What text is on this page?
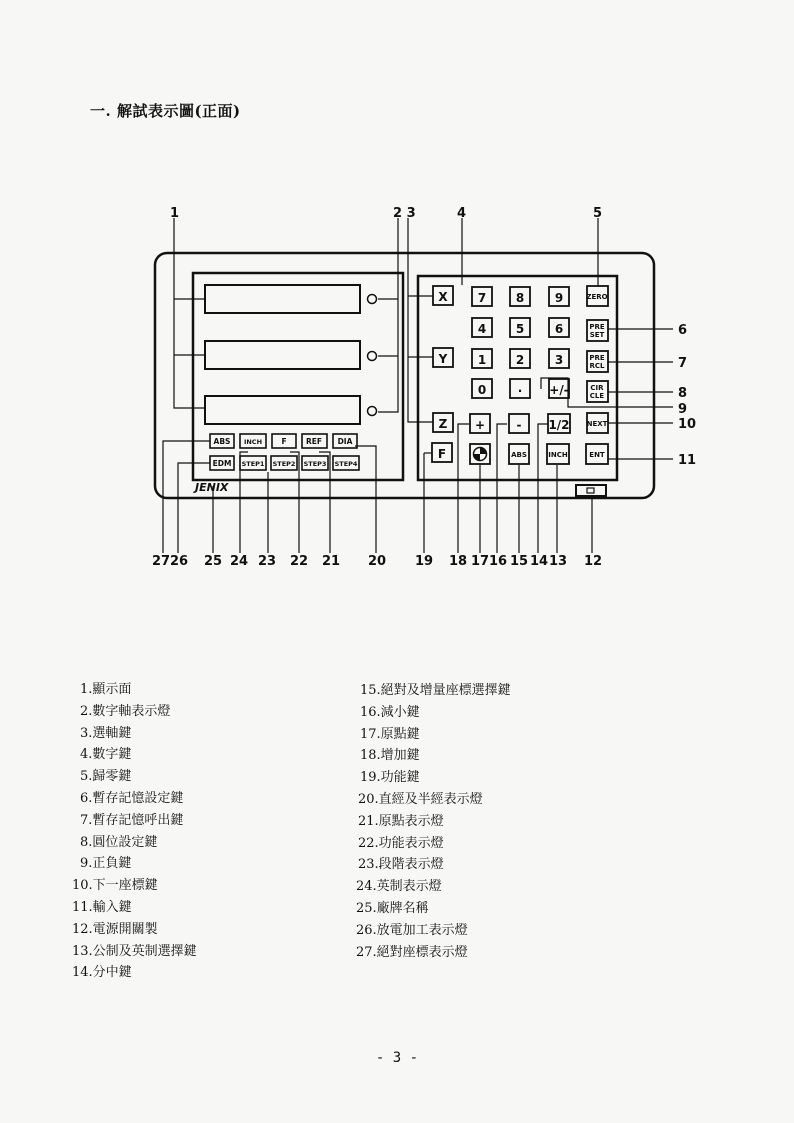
一. 解試表示圖(正面)
JENIX
X
Y
Z
F
7 8	9
4 5	6
1 2	3
0	. +/-
+	- 1/2
ZERO
PRE
SET
PRE
RCL
CIR
CLE
NEXT
ABS	INCH	ENT
ABS INCH	F	REF DIA
EDM STEP1 STEP2 STEP3 STEP4
1	2 3	4	5
6
7
8
9
10
11
27 26 25 24 23 22 21 20 19 18 17 16 15 14 13 12
1.顯示面
2.數字軸表示燈
3.選軸鍵
4.數字鍵
5.歸零鍵
6.暫存記憶設定鍵
7.暫存記憶呼出鍵
8.圓位設定鍵
9.正負鍵
10.下一座標鍵
11.輸入鍵
12.電源開關製
13.公制及英制選擇鍵
14.分中鍵
15.絕對及增量座標選擇鍵
16.減小鍵
17.原點鍵
18.增加鍵
19.功能鍵
20.直經及半經表示燈
21.原點表示燈
22.功能表示燈
23.段階表示燈
24.英制表示燈
25.廠牌名稱
26.放電加工表示燈
27.絕對座標表示燈
- 3 -
